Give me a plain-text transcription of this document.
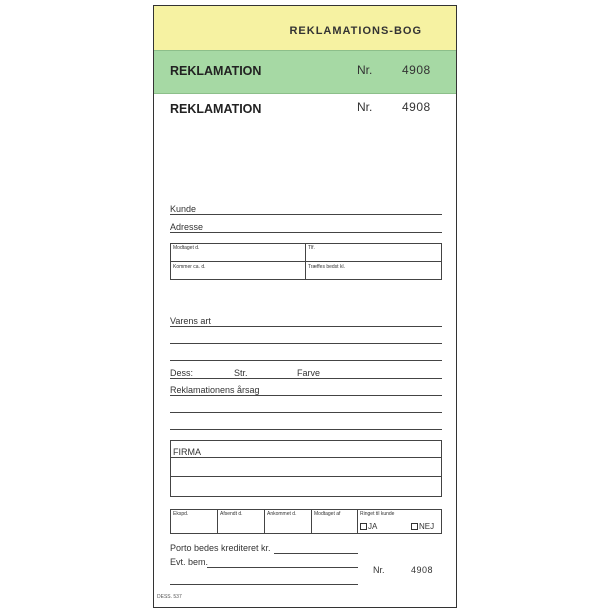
REKLAMATIONS-BOG
REKLAMATION	Nr. 4908
REKLAMATION	Nr. 4908
Kunde
Adresse
Modtaget d.	Tlf.
Kommer ca. d.	Træffes bedst kl.
Varens art
Dess:	Str.	Farve
Reklamationens årsag
FIRMA
Ekspd.	Afsendt d.	Ankommet d.	Modtaget af	Ringet til kunde
JA	NEJ
Porto bedes krediteret kr.
Evt. bem.
Nr.	4908
DESS. 537
